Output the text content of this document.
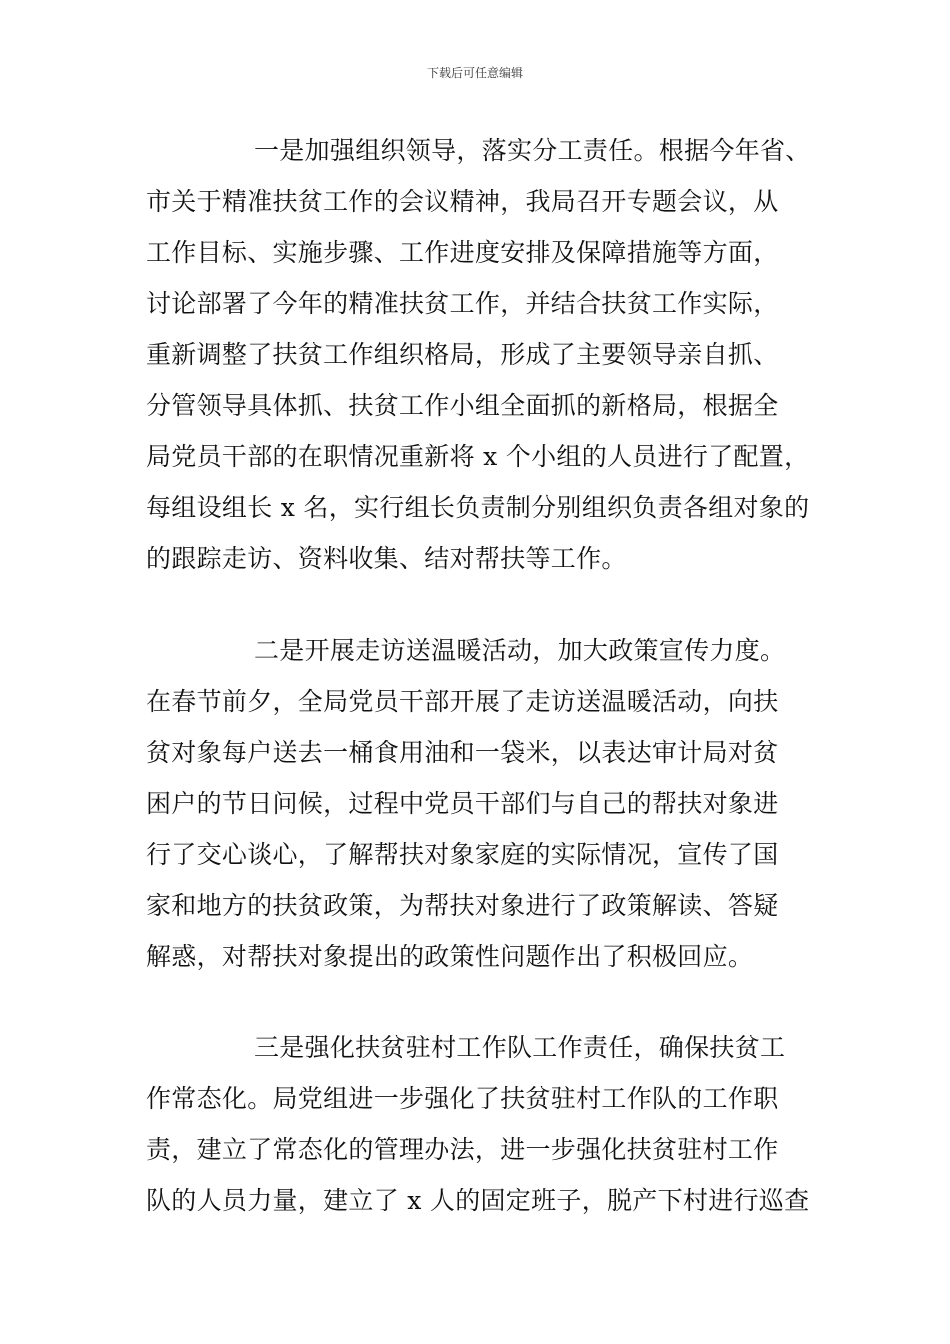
下载后可任意编辑
一是加强组织领导，落实分工责任。根据今年省、
市关于精准扶贫工作的会议精神，我局召开专题会议，从
工作目标、实施步骤、工作进度安排及保障措施等方面，
讨论部署了今年的精准扶贫工作，并结合扶贫工作实际，
重新调整了扶贫工作组织格局，形成了主要领导亲自抓、
分管领导具体抓、扶贫工作小组全面抓的新格局，根据全
局党员干部的在职情况重新将 x 个小组的人员进行了配置，
每组设组长 x 名，实行组长负责制分别组织负责各组对象的
的跟踪走访、资料收集、结对帮扶等工作。
二是开展走访送温暖活动，加大政策宣传力度。
在春节前夕，全局党员干部开展了走访送温暖活动，向扶
贫对象每户送去一桶食用油和一袋米，以表达审计局对贫
困户的节日问候，过程中党员干部们与自己的帮扶对象进
行了交心谈心，了解帮扶对象家庭的实际情况，宣传了国
家和地方的扶贫政策，为帮扶对象进行了政策解读、答疑
解惑，对帮扶对象提出的政策性问题作出了积极回应。
三是强化扶贫驻村工作队工作责任，确保扶贫工
作常态化。局党组进一步强化了扶贫驻村工作队的工作职
责，建立了常态化的管理办法，进一步强化扶贫驻村工作
队的人员力量，建立了 x 人的固定班子，脱产下村进行巡查
